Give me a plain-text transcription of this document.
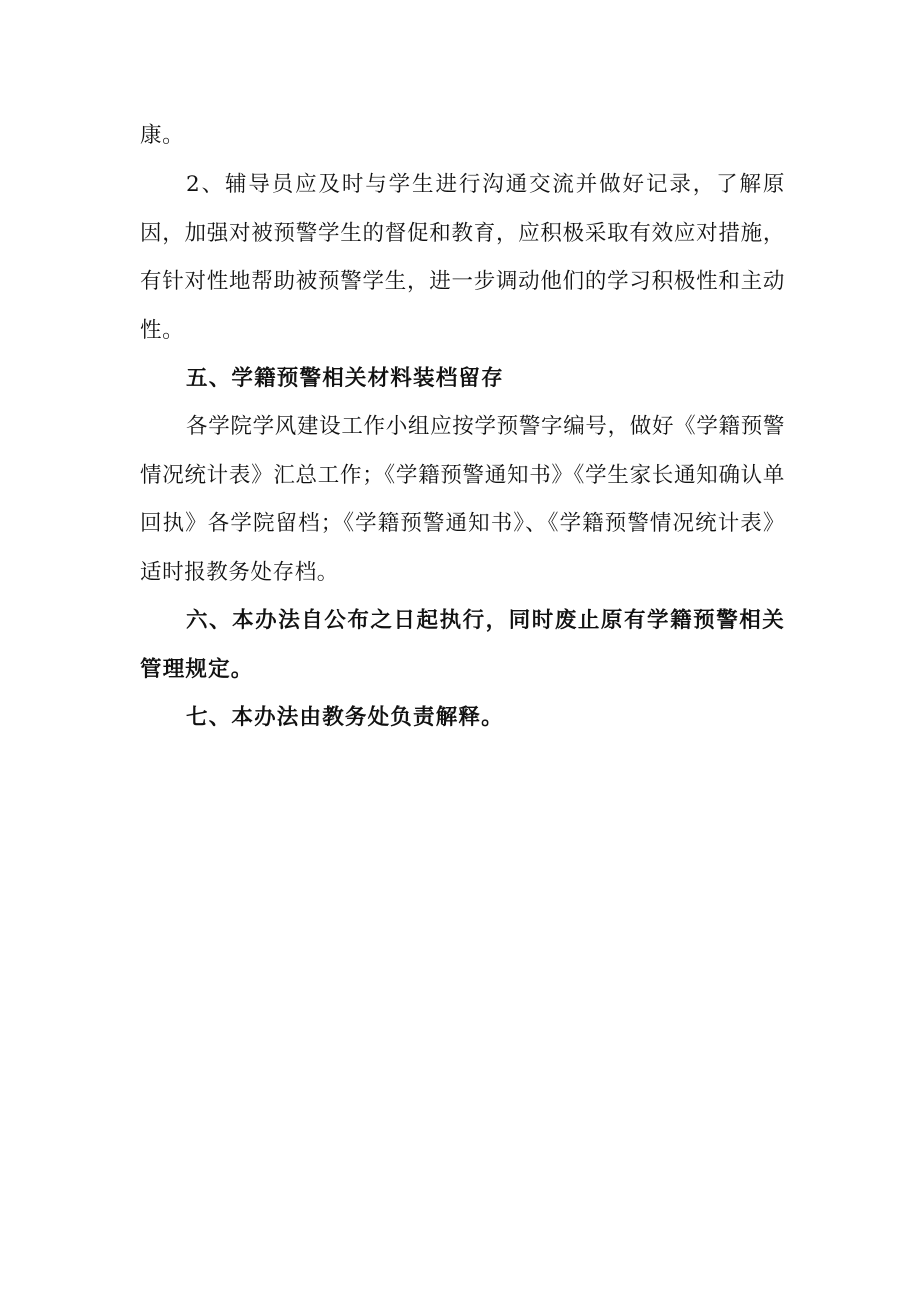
康。

2、辅导员应及时与学生进行沟通交流并做好记录，了解原因，加强对被预警学生的督促和教育，应积极采取有效应对措施，有针对性地帮助被预警学生，进一步调动他们的学习积极性和主动性。

五、学籍预警相关材料装档留存

各学院学风建设工作小组应按学预警字编号，做好《学籍预警情况统计表》汇总工作；《学籍预警通知书》《学生家长通知确认单回执》各学院留档；《学籍预警通知书》、《学籍预警情况统计表》适时报教务处存档。

六、本办法自公布之日起执行，同时废止原有学籍预警相关管理规定。

七、本办法由教务处负责解释。
